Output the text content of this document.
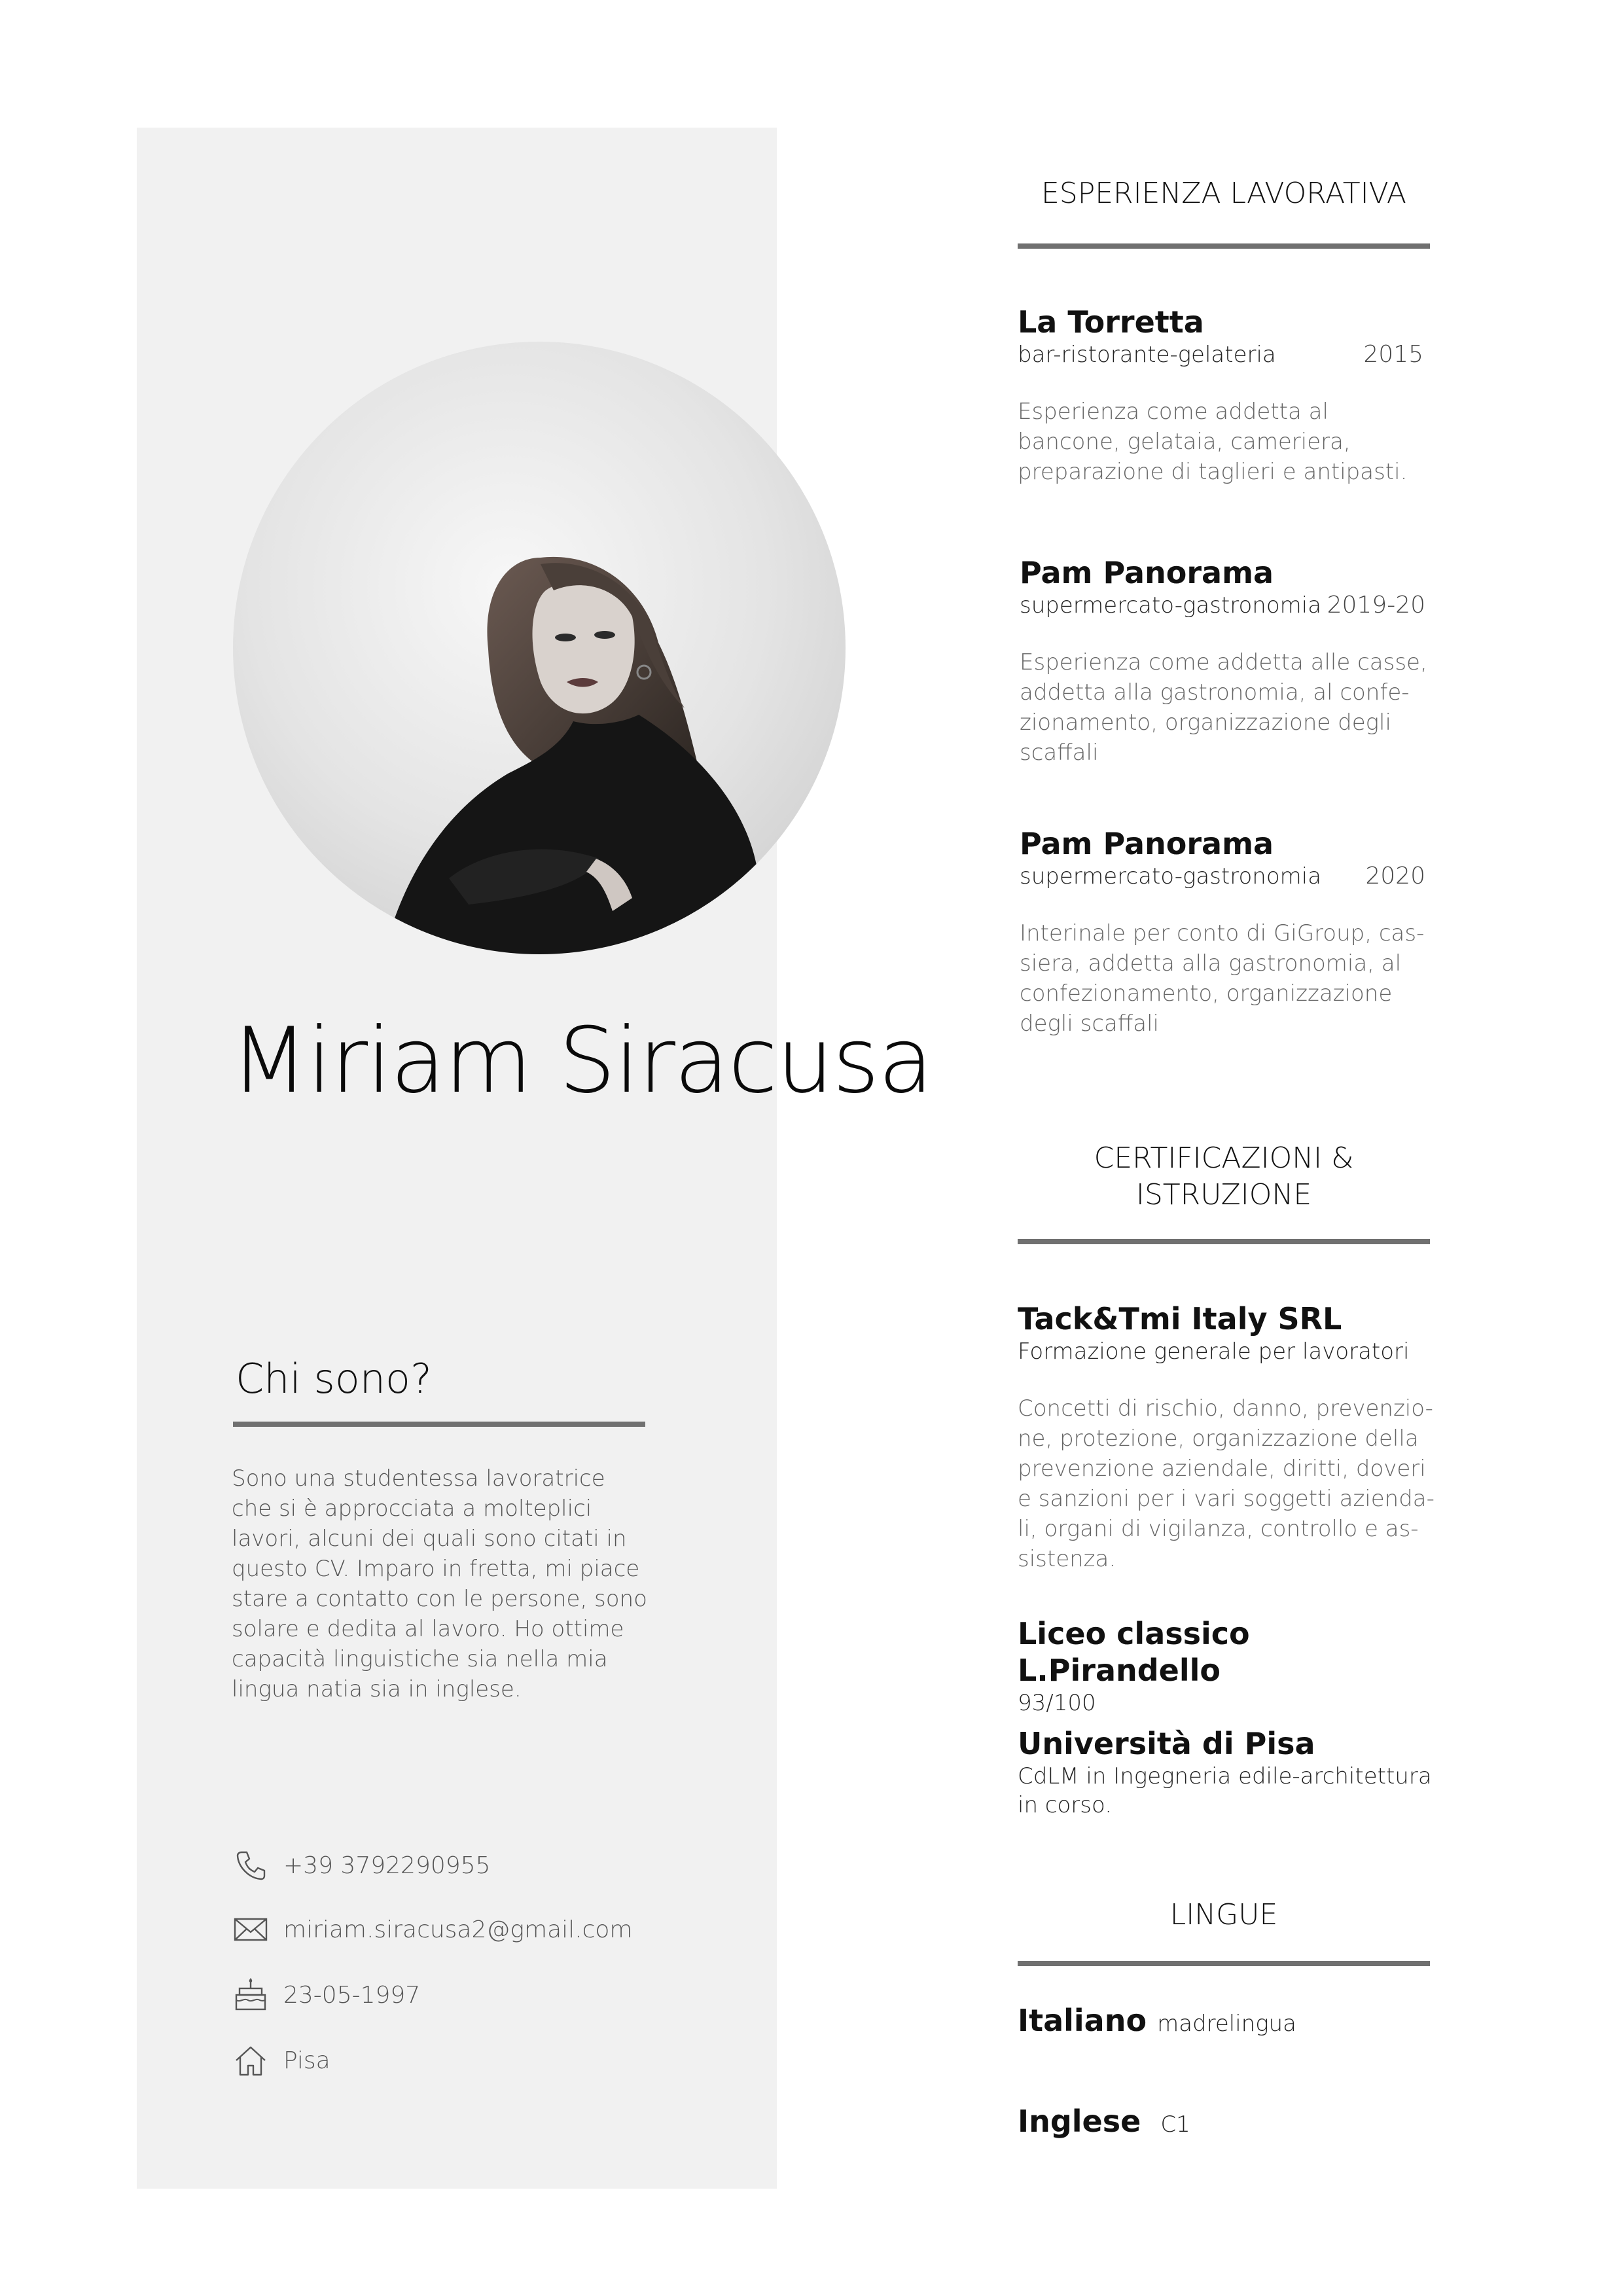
Miriam Siracusa
Chi sono?
Sono una studentessa lavoratrice che si è approcciata a molteplici lavori, alcuni dei quali sono citati in questo CV. Imparo in fretta, mi piace stare a contatto con le persone, sono solare e dedita al lavoro. Ho ottime capacità linguistiche sia nella mia lingua natia sia in inglese.
+39 3792290955
miriam.siracusa2@gmail.com
23-05-1997
Pisa
ESPERIENZA LAVORATIVA
La Torretta
bar-ristorante-gelateria	2015
Esperienza come addetta al bancone, gelataia, cameriera, preparazione di taglieri e antipasti.
Pam Panorama
supermercato-gastronomia 2019-20
Esperienza come addetta alle casse, addetta alla gastronomia, al confe- zionamento, organizzazione degli scaffali
Pam Panorama
supermercato-gastronomia 2020
Interinale per conto di GiGroup, cas- siera, addetta alla gastronomia, al confezionamento, organizzazione degli scaffali
CERTIFICAZIONI &
ISTRUZIONE
Tack&Tmi Italy SRL
Formazione generale per lavoratori
Concetti di rischio, danno, prevenzio- ne, protezione, organizzazione della prevenzione aziendale, diritti, doveri e sanzioni per i vari soggetti azienda- li, organi di vigilanza, controllo e as- sistenza.
Liceo classico L.Pirandello
93/100
Università di Pisa
CdLM in Ingegneria edile-architettura in corso.
LINGUE
Italiano madrelingua
Inglese C1
